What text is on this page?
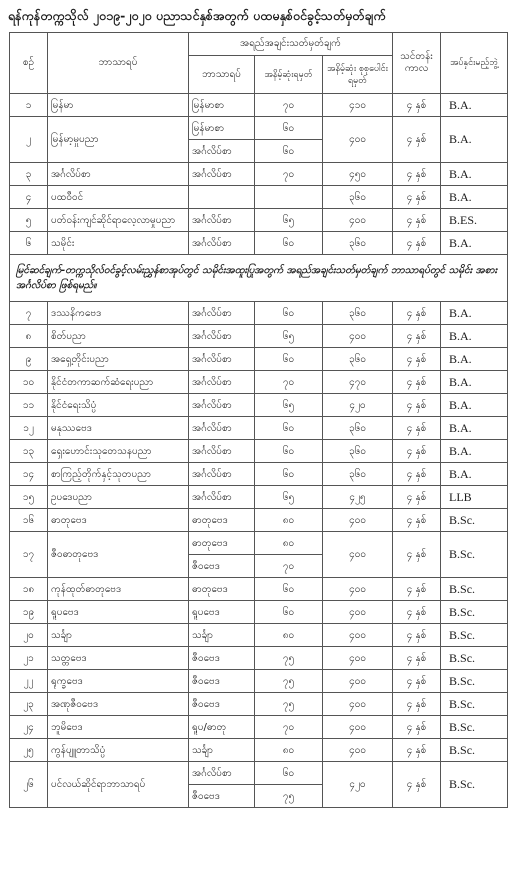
ရန်ကုန်တက္ကသိုလ် ၂၀၁၉-၂၀၂၀ ပညာသင်နှစ်အတွက် ပထမနှစ်ဝင်ခွင့်သတ်မှတ်ချက်
စဉ်	ဘာသာရပ်	အရည်အချင်းသတ်မှတ်ချက်			သင်တန်း ကာလ	အပ်နှင်းမည့်ဘွဲ့
		ဘာသာရပ်	အနိမ့်ဆုံးရမှတ်	အနိမ့်ဆုံး စုစုပေါင်းရမှတ်		
၁	မြန်မာ	မြန်မာစာ	၇၀	၄၁၀	၄ နှစ်	B.A.
၂	မြန်မာ့မှုပညာ	မြန်မာစာ	၆၀	၄၀၀	၄ နှစ်	B.A.
		အင်္ဂလိပ်စာ	၆၀			
၃	အင်္ဂလိပ်စာ	အင်္ဂလိပ်စာ	၇၀	၄၅၀	၄ နှစ်	B.A.
၄	ပထဝီဝင်			၃၆၀	၄ နှစ်	B.A.
၅	ပတ်ဝန်းကျင်ဆိုင်ရာလေ့လာမှုပညာ	အင်္ဂလိပ်စာ	၆၅	၄၀၀	၄ နှစ်	B.ES.
၆	သမိုင်း	အင်္ဂလိပ်စာ	၆၀	၃၆၀	၄ နှစ်	B.A.
မြင်ဆင်ချက်-တက္ကသိုလ်ဝင်ခွင့်လမ်းညွှန်စာအုပ်တွင် သမိုင်းအထူးပြုအတွက် အရည်အချင်းသတ်မှတ်ချက် ဘာသာရပ်တွင် သမိုင်း အစား အင်္ဂလိပ်စာ ဖြစ်ရမည်။						
၇	ဒဿနိကဗေဒ	အင်္ဂလိပ်စာ	၆၀	၃၆၀	၄ နှစ်	B.A.
၈	စိတ်ပညာ	အင်္ဂလိပ်စာ	၆၅	၄၀၀	၄ နှစ်	B.A.
၉	အရှေ့တိုင်းပညာ	အင်္ဂလိပ်စာ	၆၀	၃၆၀	၄ နှစ်	B.A.
၁၀	နိုင်ငံတကာဆက်ဆံရေးပညာ	အင်္ဂလိပ်စာ	၇၀	၄၇၀	၄ နှစ်	B.A.
၁၁	နိုင်ငံရေးသိပ္ပံ	အင်္ဂလိပ်စာ	၆၅	၄၂၀	၄ နှစ်	B.A.
၁၂	မနုဿဗေဒ	အင်္ဂလိပ်စာ	၆၀	၃၆၀	၄ နှစ်	B.A.
၁၃	ရှေးဟောင်းသုတေသနပညာ	အင်္ဂလိပ်စာ	၆၀	၃၆၀	၄ နှစ်	B.A.
၁၄	စာကြည့်တိုက်နှင့်သုတပညာ	အင်္ဂလိပ်စာ	၆၀	၃၆၀	၄ နှစ်	B.A.
၁၅	ဥပဒေပညာ	အင်္ဂလိပ်စာ	၆၅	၄၂၅	၄ နှစ်	LLB
၁၆	ဓာတုဗေဒ	ဓာတုဗေဒ	၈၀	၄၀၀	၄ နှစ်	B.Sc.
၁၇	ဇီဝဓာတုဗေဒ	ဓာတုဗေဒ	၈၀	၄၀၀	၄ နှစ်	B.Sc.
		ဇီဝဗေဒ	၇၀			
၁၈	ကုန်ထုတ်ဓာတုဗေဒ	ဓာတုဗေဒ	၆၀	၄၀၀	၄ နှစ်	B.Sc.
၁၉	ရူပဗေဒ	ရူပဗေဒ	၆၀	၄၀၀	၄ နှစ်	B.Sc.
၂၀	သင်္ချာ	သင်္ချာ	၈၀	၄၀၀	၄ နှစ်	B.Sc.
၂၁	သတ္တဗေဒ	ဇီဝဗေဒ	၇၅	၄၀၀	၄ နှစ်	B.Sc.
၂၂	ရုက္ခဗေဒ	ဇီဝဗေဒ	၇၅	၄၀၀	၄ နှစ်	B.Sc.
၂၃	အဏုဇီဝဗေဒ	ဇီဝဗေဒ	၇၅	၄၀၀	၄ နှစ်	B.Sc.
၂၄	ဘူမိဗေဒ	ရူပ/ဓာတု	၇၀	၄၀၀	၄ နှစ်	B.Sc.
၂၅	ကွန်ပျူတာသိပ္ပံ	သင်္ချာ	၈၀	၄၀၀	၄ နှစ်	B.Sc.
၂၆	ပင်လယ်ဆိုင်ရာဘာသာရပ်	အင်္ဂလိပ်စာ	၆၀	၄၂၀	၄ နှစ်	B.Sc.
		ဇီဝဗေဒ	၇၅			
